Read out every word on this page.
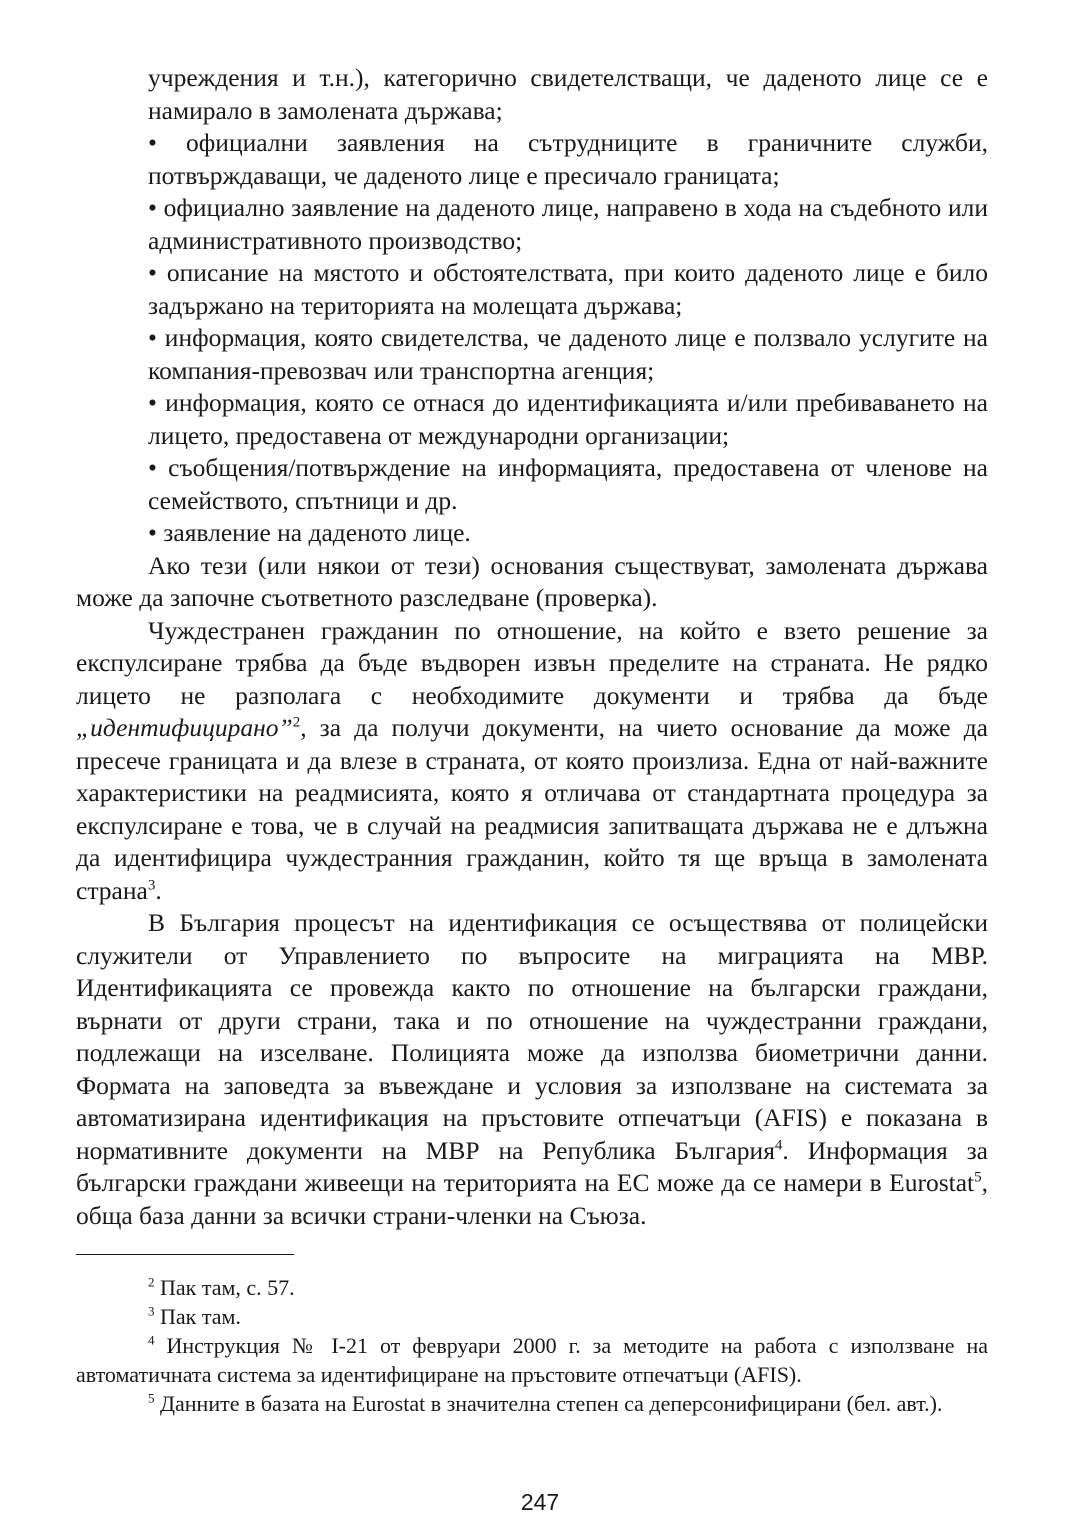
учреждения и т.н.), категорично свидетелстващи, че даденото лице се е намирало в замолената държава;

• официални заявления на сътрудниците в граничните служби, потвърждаващи, че даденото лице е пресичало границата;

• официално заявление на даденото лице, направено в хода на съдебното или административното производство;

• описание на мястото и обстоятелствата, при които даденото лице е било задържано на територията на молещата държава;

• информация, която свидетелства, че даденото лице е ползвало услугите на компания-превозвач или транспортна агенция;

• информация, която се отнася до идентификацията и/или пребиваването на лицето, предоставена от международни организации;

• съобщения/потвърждение на информацията, предоставена от членове на семейството, спътници и др.

• заявление на даденото лице.

Ако тези (или някои от тези) основания съществуват, замолената държава може да започне съответното разследване (проверка).

Чуждестранен гражданин по отношение, на който е взето решение за експулсиране трябва да бъде въдворен извън пределите на страната. Не рядко лицето не разполага с необходимите документи и трябва да бъде „идентифицирано”$^2$, за да получи документи, на чието основание да може да пресече границата и да влезе в страната, от която произлиза. Една от най-важните характеристики на реадмисията, която я отличава от стандартната процедура за експулсиране е това, че в случай на реадмисия запитващата държава не е длъжна да идентифицира чуждестранния гражданин, който тя ще връща в замолената страна$^3$.

В България процесът на идентификация се осъществява от полицейски служители от Управлението по въпросите на миграцията на МВР. Идентификацията се провежда както по отношение на български граждани, върнати от други страни, така и по отношение на чуждестранни граждани, подлежащи на изселване. Полицията може да използва биометрични данни. Формата на заповедта за въвеждане и условия за използване на системата за автоматизирана идентификация на пръстовите отпечатъци (AFIS) е показана в нормативните документи на МВР на Република България$^4$. Информация за български граждани живеещи на територията на ЕС може да се намери в Eurostat$^5$, обща база данни за всички страни-членки на Съюза.

$^2$ Пак там, с. 57.

$^3$ Пак там.

$^4$ Инструкция № I-21 от февруари 2000 г. за методите на работа с използване на автоматичната система за идентифициране на пръстовите отпечатъци (AFIS).

$^5$ Данните в базата на Eurostat в значителна степен са деперсонифицирани (бел. авт.).

247
